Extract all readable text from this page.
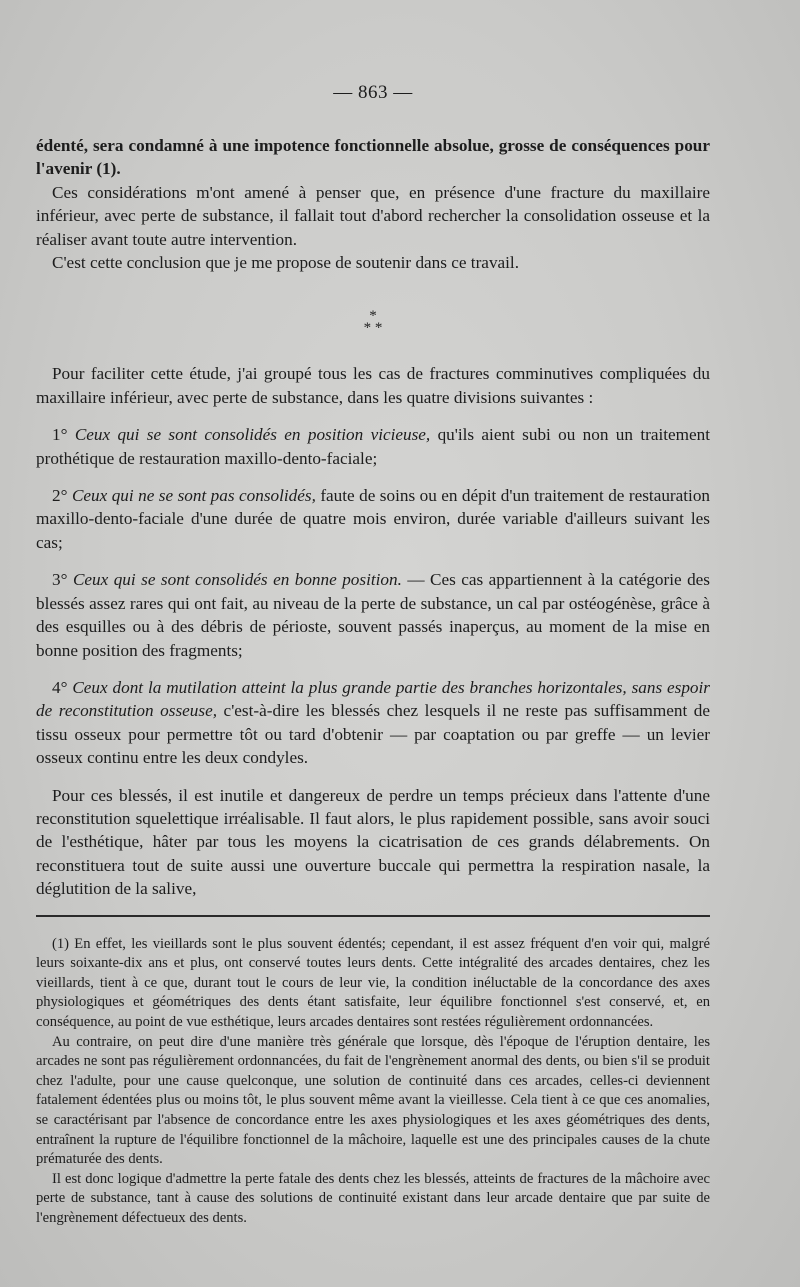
— 863 —

édenté, sera condamné à une impotence fonctionnelle absolue, grosse de conséquences pour l'avenir (1).

Ces considérations m'ont amené à penser que, en présence d'une fracture du maxillaire inférieur, avec perte de substance, il fallait tout d'abord rechercher la consolidation osseuse et la réaliser avant toute autre intervention.

C'est cette conclusion que je me propose de soutenir dans ce travail.

*
* *

Pour faciliter cette étude, j'ai groupé tous les cas de fractures comminutives compliquées du maxillaire inférieur, avec perte de substance, dans les quatre divisions suivantes :

1° Ceux qui se sont consolidés en position vicieuse, qu'ils aient subi ou non un traitement prothétique de restauration maxillo-dento-faciale;

2° Ceux qui ne se sont pas consolidés, faute de soins ou en dépit d'un traitement de restauration maxillo-dento-faciale d'une durée de quatre mois environ, durée variable d'ailleurs suivant les cas;

3° Ceux qui se sont consolidés en bonne position. — Ces cas appartiennent à la catégorie des blessés assez rares qui ont fait, au niveau de la perte de substance, un cal par ostéogénèse, grâce à des esquilles ou à des débris de périoste, souvent passés inaperçus, au moment de la mise en bonne position des fragments;

4° Ceux dont la mutilation atteint la plus grande partie des branches horizontales, sans espoir de reconstitution osseuse, c'est-à-dire les blessés chez lesquels il ne reste pas suffisamment de tissu osseux pour permettre tôt ou tard d'obtenir — par coaptation ou par greffe — un levier osseux continu entre les deux condyles.

Pour ces blessés, il est inutile et dangereux de perdre un temps précieux dans l'attente d'une reconstitution squelettique irréalisable. Il faut alors, le plus rapidement possible, sans avoir souci de l'esthétique, hâter par tous les moyens la cicatrisation de ces grands délabrements. On reconstituera tout de suite aussi une ouverture buccale qui permettra la respiration nasale, la déglutition de la salive,

(1) En effet, les vieillards sont le plus souvent édentés; cependant, il est assez fréquent d'en voir qui, malgré leurs soixante-dix ans et plus, ont conservé toutes leurs dents. Cette intégralité des arcades dentaires, chez les vieillards, tient à ce que, durant tout le cours de leur vie, la condition inéluctable de la concordance des axes physiologiques et géométriques des dents étant satisfaite, leur équilibre fonctionnel s'est conservé, et, en conséquence, au point de vue esthétique, leurs arcades dentaires sont restées régulièrement ordonnancées.

Au contraire, on peut dire d'une manière très générale que lorsque, dès l'époque de l'éruption dentaire, les arcades ne sont pas régulièrement ordonnancées, du fait de l'engrènement anormal des dents, ou bien s'il se produit chez l'adulte, pour une cause quelconque, une solution de continuité dans ces arcades, celles-ci deviennent fatalement édentées plus ou moins tôt, le plus souvent même avant la vieillesse. Cela tient à ce que ces anomalies, se caractérisant par l'absence de concordance entre les axes physiologiques et les axes géométriques des dents, entraînent la rupture de l'équilibre fonctionnel de la mâchoire, laquelle est une des principales causes de la chute prématurée des dents.

Il est donc logique d'admettre la perte fatale des dents chez les blessés, atteints de fractures de la mâchoire avec perte de substance, tant à cause des solutions de continuité existant dans leur arcade dentaire que par suite de l'engrènement défectueux des dents.
